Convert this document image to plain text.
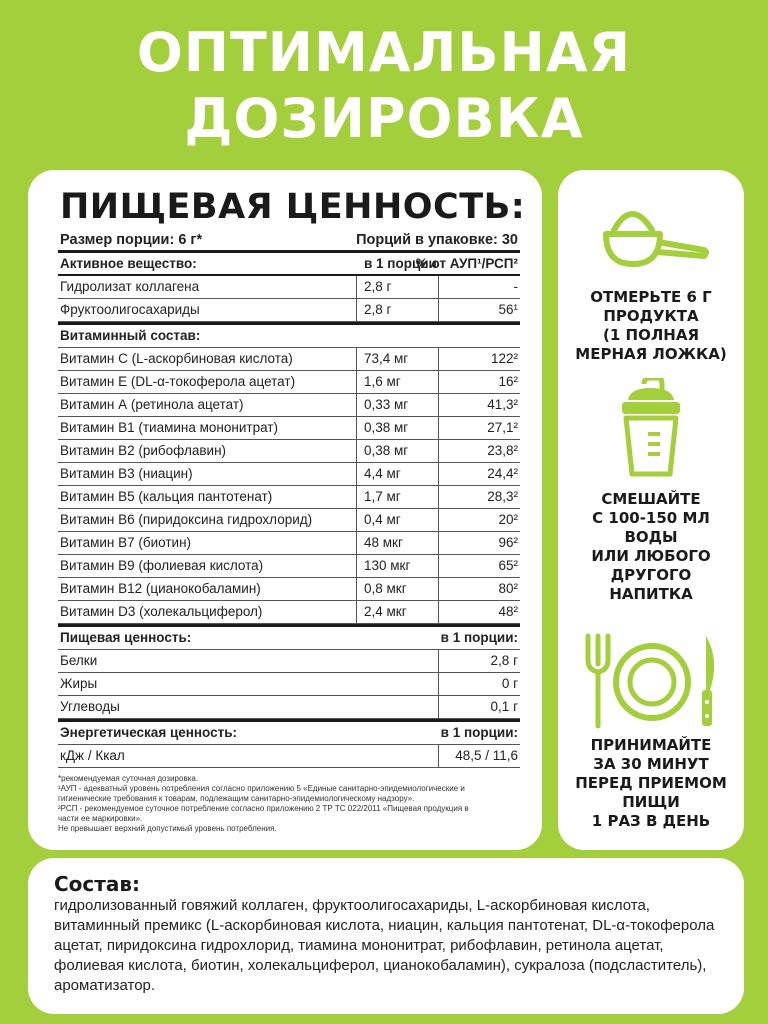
ОПТИМАЛЬНАЯ
ДОЗИРОВКА
ПИЩЕВАЯ ЦЕННОСТЬ:
Размер порции: 6 г*	Порций в упаковке: 30
Активное вещество:	в 1 порции
% от АУП¹/РСП²
Гидролизат коллагена	2,8 г	-
Фруктоолигосахариды	2,8 г	56¹
Витаминный состав:
Витамин С (L-аскорбиновая кислота)	73,4 мг	122²
Витамин Е (DL-α-токоферола ацетат)	1,6 мг	16²
Витамин А (ретинола ацетат)	0,33 мг	41,3²
Витамин В1 (тиамина мононитрат)	0,38 мг	27,1²
Витамин В2 (рибофлавин)	0,38 мг	23,8²
Витамин В3 (ниацин)	4,4 мг	24,4²
Витамин В5 (кальция пантотенат)	1,7 мг	28,3²
Витамин В6 (пиридоксина гидрохлорид)	0,4 мг	20²
Витамин В7 (биотин)	48 мкг	96²
Витамин В9 (фолиевая кислота)	130 мкг	65²
Витамин В12 (цианокобаламин)	0,8 мкг	80²
Витамин D3 (холекальциферол)	2,4 мкг	48²
Пищевая ценность:	в 1 порции:
Белки	2,8 г
Жиры	0 г
Углеводы	0,1 г
Энергетическая ценность:	в 1 порции:
кДж / Ккал	48,5 / 11,6
*рекомендуемая суточная дозировка.
¹АУП - адекватный уровень потребления согласно приложению 5 «Единые санитарно-эпидемиологические и гигиенические требования к товарам, подлежащим санитарно-эпидемиологическому надзору».
²РСП - рекомендуемое суточное потребление согласно приложению 2 ТР ТС 022/2011 «Пищевая продукция в части ее маркировки».
Не превышает верхний допустимый уровень потребления.
ОТМЕРЬТЕ 6 Г
ПРОДУКТА
(1 ПОЛНАЯ
МЕРНАЯ ЛОЖКА)
СМЕШАЙТЕ
С 100-150 МЛ
ВОДЫ
ИЛИ ЛЮБОГО
ДРУГОГО
НАПИТКА
ПРИНИМАЙТЕ
ЗА 30 МИНУТ
ПЕРЕД ПРИЕМОМ
ПИЩИ
1 РАЗ В ДЕНЬ
Состав:
гидролизованный говяжий коллаген, фруктоолигосахариды, L-аскорбиновая кислота, витаминный премикс (L-аскорбиновая кислота, ниацин, кальция пантотенат, DL-α-токоферола ацетат, пиридоксина гидрохлорид, тиамина мононитрат, рибофлавин, ретинола ацетат, фолиевая кислота, биотин, холекальциферол, цианокобаламин), сукралоза (подсластитель), ароматизатор.
